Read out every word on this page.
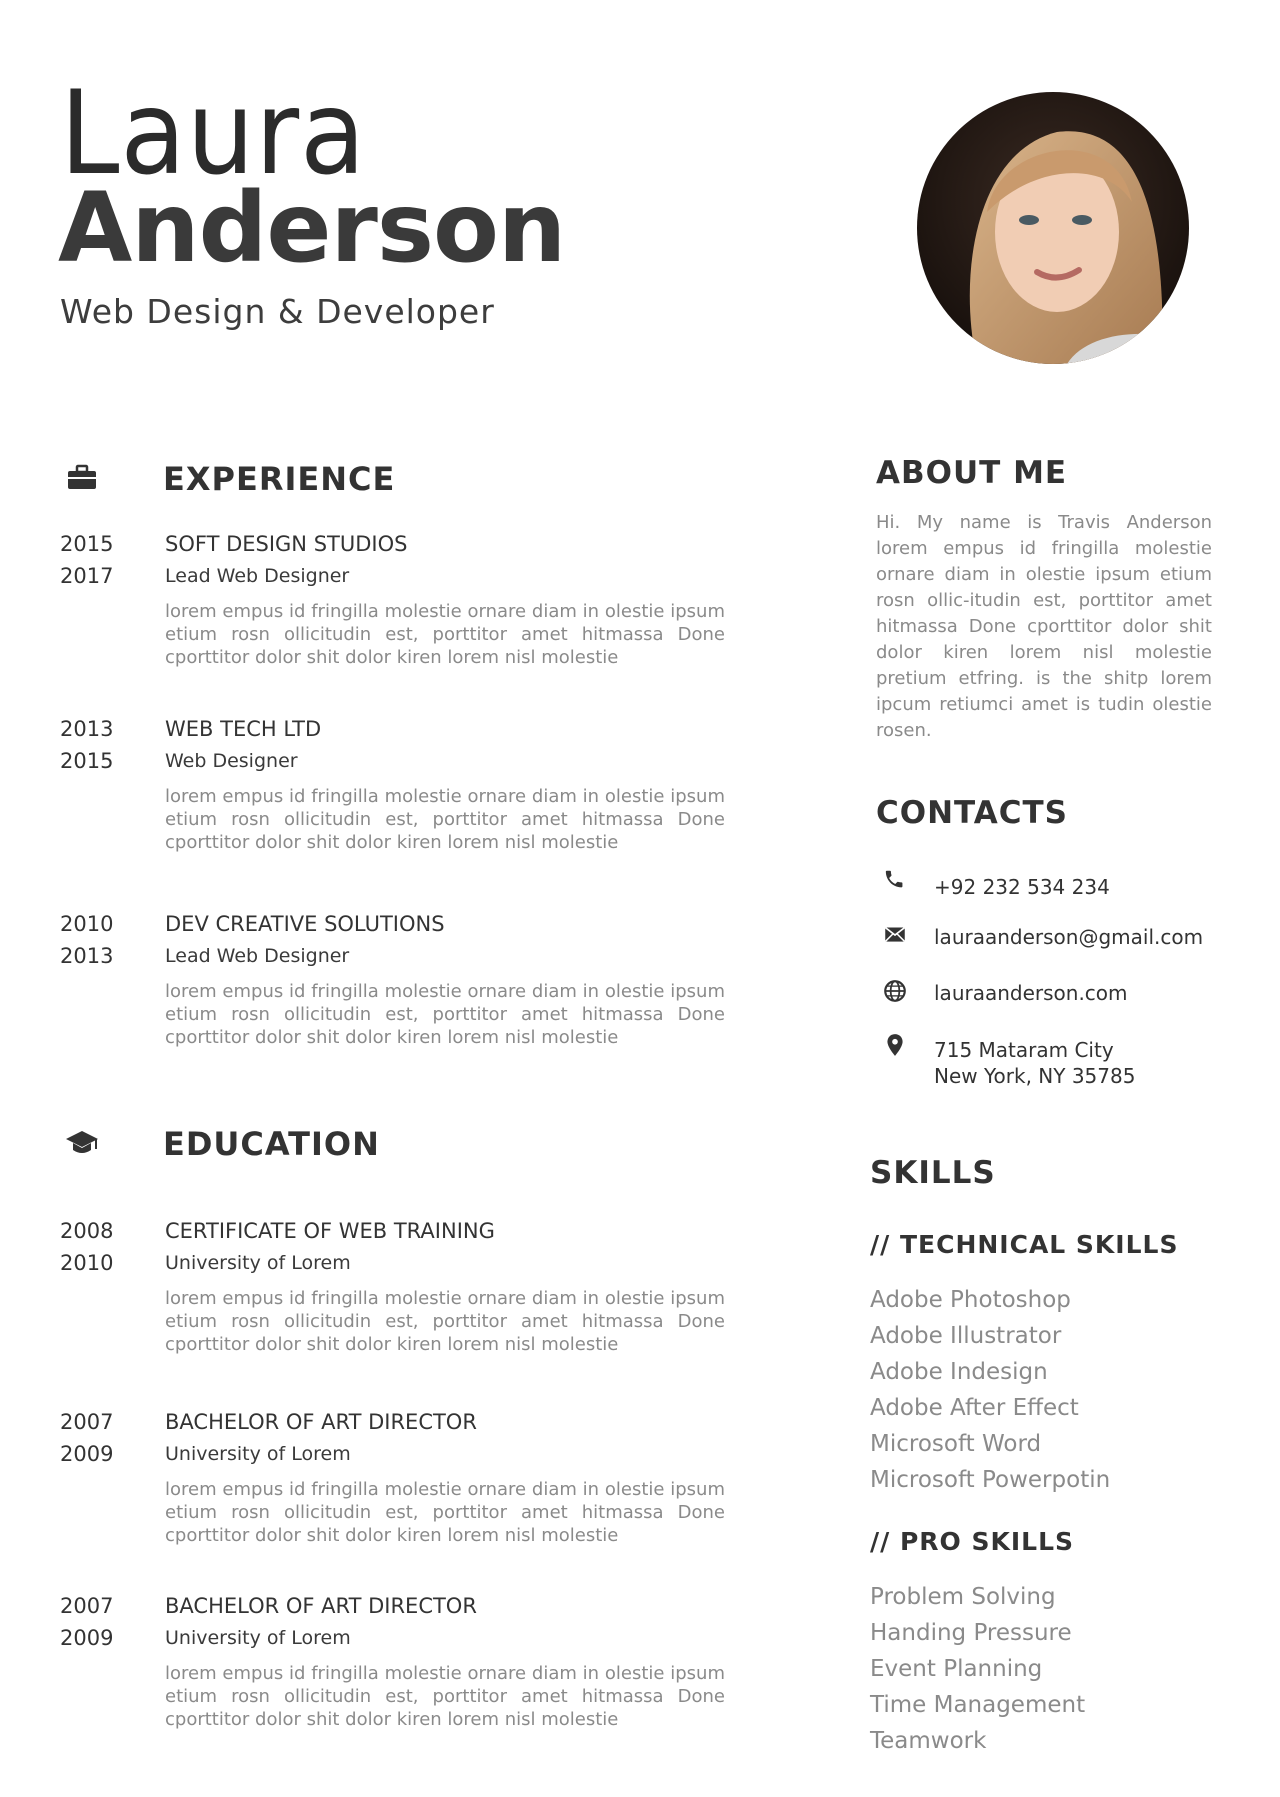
Laura
Anderson
Web Design & Developer
EXPERIENCE
2015
2017
SOFT DESIGN STUDIOS
Lead Web Designer
lorem empus id fringilla molestie ornare diam in olestie ipsum etium rosn ollicitudin est, porttitor amet hitmassa Done cporttitor dolor shit dolor kiren lorem nisl molestie
2013
2015
WEB TECH LTD
Web Designer
lorem empus id fringilla molestie ornare diam in olestie ipsum etium rosn ollicitudin est, porttitor amet hitmassa Done cporttitor dolor shit dolor kiren lorem nisl molestie
2010
2013
DEV CREATIVE SOLUTIONS
Lead Web Designer
lorem empus id fringilla molestie ornare diam in olestie ipsum etium rosn ollicitudin est, porttitor amet hitmassa Done cporttitor dolor shit dolor kiren lorem nisl molestie
EDUCATION
2008
2010
CERTIFICATE OF WEB TRAINING
University of Lorem
lorem empus id fringilla molestie ornare diam in olestie ipsum etium rosn ollicitudin est, porttitor amet hitmassa Done cporttitor dolor shit dolor kiren lorem nisl molestie
2007
2009
BACHELOR OF ART DIRECTOR
University of Lorem
lorem empus id fringilla molestie ornare diam in olestie ipsum etium rosn ollicitudin est, porttitor amet hitmassa Done cporttitor dolor shit dolor kiren lorem nisl molestie
2007
2009
BACHELOR OF ART DIRECTOR
University of Lorem
lorem empus id fringilla molestie ornare diam in olestie ipsum etium rosn ollicitudin est, porttitor amet hitmassa Done cporttitor dolor shit dolor kiren lorem nisl molestie
ABOUT ME
Hi. My name is Travis Anderson lorem empus id fringilla molestie ornare diam in olestie ipsum etium rosn ollic-itudin est, porttitor amet hitmassa Done cporttitor dolor shit dolor kiren lorem nisl molestie pretium etfring. is the shitp lorem ipcum retiumci amet is tudin olestie rosen.
CONTACTS
+92 232 534 234
lauraanderson@gmail.com
lauraanderson.com
715 Mataram City
New York, NY 35785
SKILLS
// TECHNICAL SKILLS
Adobe Photoshop
Adobe Illustrator
Adobe Indesign
Adobe After Effect
Microsoft Word
Microsoft Powerpotin
// PRO SKILLS
Problem Solving
Handing Pressure
Event Planning
Time Management
Teamwork
